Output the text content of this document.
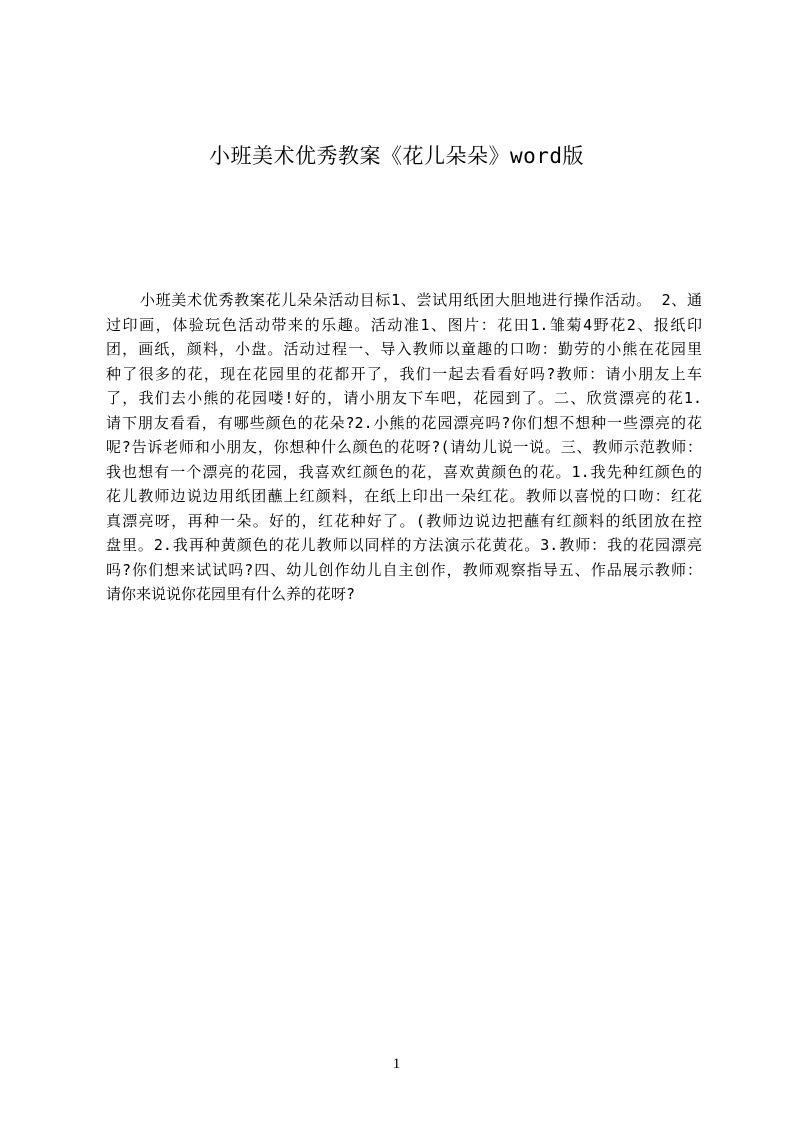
小班美术优秀教案《花儿朵朵》word版
小班美术优秀教案花儿朵朵活动目标1、尝试用纸团大胆地进行操作活动。 2、通
过印画，体验玩色活动带来的乐趣。活动准1、图片：花田1.雏菊4野花2、报纸印
团，画纸，颜料，小盘。活动过程一、导入教师以童趣的口吻：勤劳的小熊在花园里
种了很多的花，现在花园里的花都开了，我们一起去看看好吗?教师：请小朋友上车
了，我们去小熊的花园喽!好的，请小朋友下车吧，花园到了。二、欣赏漂亮的花1.
请下朋友看看，有哪些颜色的花朵?2.小熊的花园漂亮吗?你们想不想种一些漂亮的花
呢?告诉老师和小朋友，你想种什么颜色的花呀?(请幼儿说一说。三、教师示范教师：
我也想有一个漂亮的花园，我喜欢红颜色的花，喜欢黄颜色的花。1.我先种红颜色的
花儿教师边说边用纸团蘸上红颜料，在纸上印出一朵红花。教师以喜悦的口吻：红花
真漂亮呀，再种一朵。好的，红花种好了。(教师边说边把蘸有红颜料的纸团放在控
盘里。2.我再种黄颜色的花儿教师以同样的方法演示花黄花。3.教师：我的花园漂亮
吗?你们想来试试吗?四、幼儿创作幼儿自主创作，教师观察指导五、作品展示教师：
请你来说说你花园里有什么养的花呀?
1
